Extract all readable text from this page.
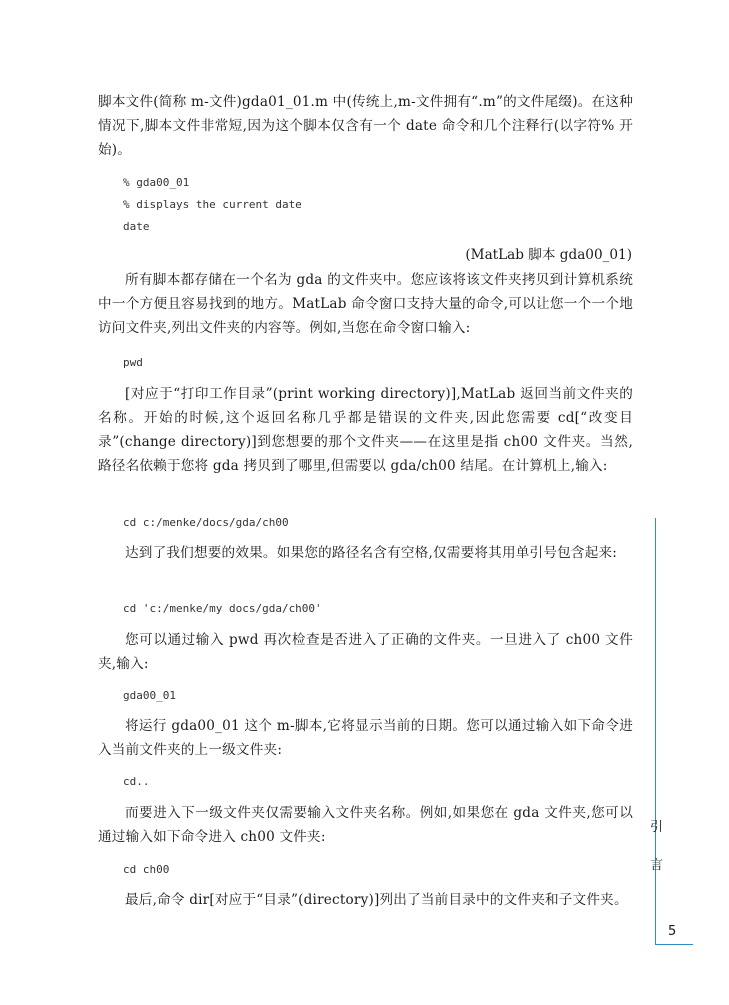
脚本文件(简称 m-文件)gda01_01.m 中(传统上,m-文件拥有“.m”的文件尾缀)。在这种情况下,脚本文件非常短,因为这个脚本仅含有一个 date 命令和几个注释行(以字符% 开始)。

% gda00_01
% displays the current date
date

(MatLab 脚本 gda00_01)

所有脚本都存储在一个名为 gda 的文件夹中。您应该将该文件夹拷贝到计算机系统中一个方便且容易找到的地方。MatLab 命令窗口支持大量的命令,可以让您一个一个地访问文件夹,列出文件夹的内容等。例如,当您在命令窗口输入:

pwd

[对应于“打印工作目录”(print working directory)],MatLab 返回当前文件夹的名称。开始的时候,这个返回名称几乎都是错误的文件夹,因此您需要 cd[“改变目录”(change directory)]到您想要的那个文件夹——在这里是指 ch00 文件夹。当然,路径名依赖于您将 gda 拷贝到了哪里,但需要以 gda/ch00 结尾。在计算机上,输入:

cd c:/menke/docs/gda/ch00

达到了我们想要的效果。如果您的路径名含有空格,仅需要将其用单引号包含起来:

cd 'c:/menke/my docs/gda/ch00'

您可以通过输入 pwd 再次检查是否进入了正确的文件夹。一旦进入了 ch00 文件夹,输入:

gda00_01

将运行 gda00_01 这个 m-脚本,它将显示当前的日期。您可以通过输入如下命令进入当前文件夹的上一级文件夹:

cd..

而要进入下一级文件夹仅需要输入文件夹名称。例如,如果您在 gda 文件夹,您可以通过输入如下命令进入 ch00 文件夹:

cd ch00

最后,命令 dir[对应于“目录”(directory)]列出了当前目录中的文件夹和子文件夹。

引
言
5
